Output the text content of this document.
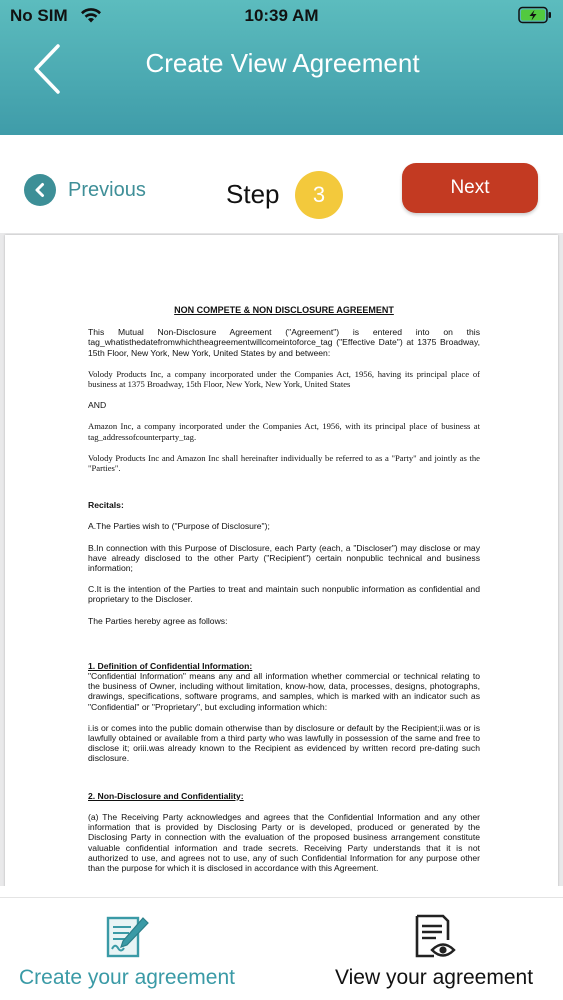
No SIM	10:39 AM
Create View Agreement
Previous	Step	3	Next
NON COMPETE & NON DISCLOSURE AGREEMENT
This Mutual Non-Disclosure Agreement ("Agreement") is entered into on this tag_whatisthedatefromwhichtheagreementwillcomeintoforce_tag ("Effective Date") at 1375 Broadway, 15th Floor, New York, New York, United States by and between:
Volody Products Inc, a company incorporated under the Companies Act, 1956, having its principal place of business at 1375 Broadway, 15th Floor, New York, New York, United States
AND
Amazon Inc, a company incorporated under the Companies Act, 1956, with its principal place of business at tag_addressofcounterparty_tag.
Volody Products Inc and Amazon Inc shall hereinafter individually be referred to as a "Party" and jointly as the "Parties".
Recitals:
A.The Parties wish to ("Purpose of Disclosure");
B.In connection with this Purpose of Disclosure, each Party (each, a "Discloser") may disclose or may have already disclosed to the other Party ("Recipient") certain nonpublic technical and business information;
C.It is the intention of the Parties to treat and maintain such nonpublic information as confidential and proprietary to the Discloser.
The Parties hereby agree as follows:
1. Definition of Confidential Information:
"Confidential Information" means any and all information whether commercial or technical relating to the business of Owner, including without limitation, know-how, data, processes, designs, photographs, drawings, specifications, software programs, and samples, which is marked with an indicator such as "Confidential" or "Proprietary", but excluding information which:
i.is or comes into the public domain otherwise than by disclosure or default by the Recipient;ii.was or is lawfully obtained or available from a third party who was lawfully in possession of the same and free to disclose it; oriii.was already known to the Recipient as evidenced by written record pre-dating such disclosure.
2. Non-Disclosure and Confidentiality:
(a) The Receiving Party acknowledges and agrees that the Confidential Information and any other information that is provided by Disclosing Party or is developed, produced or generated by the Disclosing Party in connection with the evaluation of the proposed business arrangement constitute valuable confidential information and trade secrets. Receiving Party understands that it is not authorized to use, and agrees not to use, any of such Confidential Information for any purpose other than the purpose for which it is disclosed in accordance with this Agreement.
Create your agreement	View your agreement
